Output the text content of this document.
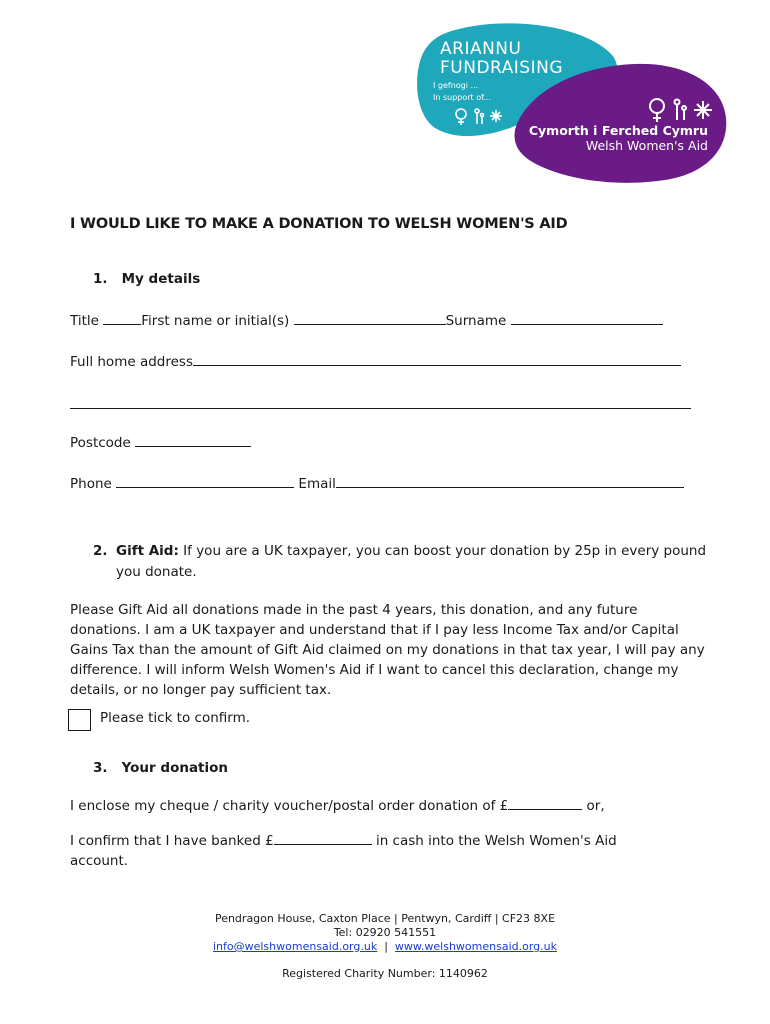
ARIANNU
FUNDRAISING
I gefnogi ...
In support of...
Cymorth i Ferched Cymru
Welsh Women's Aid
I WOULD LIKE TO MAKE A DONATION TO WELSH WOMEN'S AID
1.   My details
Title	First name or initial(s)	Surname
Full home address
Postcode
Phone	Email
2. Gift Aid: If you are a UK taxpayer, you can boost your donation by 25p in every pound you donate.
Please Gift Aid all donations made in the past 4 years, this donation, and any future donations. I am a UK taxpayer and understand that if I pay less Income Tax and/or Capital Gains Tax than the amount of Gift Aid claimed on my donations in that tax year, I will pay any difference. I will inform Welsh Women's Aid if I want to cancel this declaration, change my details, or no longer pay sufficient tax.
Please tick to confirm.
3.   Your donation
I enclose my cheque / charity voucher/postal order donation of £	or,
I confirm that I have banked £	in cash into the Welsh Women's Aid account.
Pendragon House, Caxton Place | Pentwyn, Cardiff | CF23 8XE
Tel: 02920 541551
info@welshwomensaid.org.uk  |  www.welshwomensaid.org.uk
Registered Charity Number: 1140962
